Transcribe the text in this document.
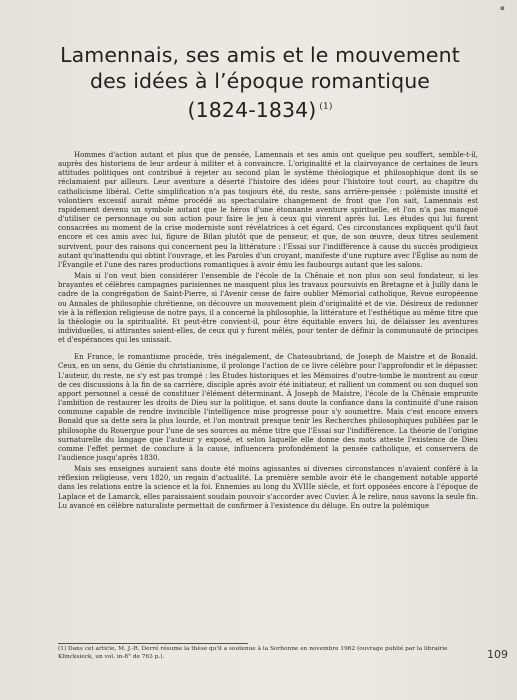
▪
Lamennais, ses amis et le mouvement
des idées à l’époque romantique
(1824-1834) $^{(1)}$

Hommes d'action autant et plus que de pensée, Lamennais et ses amis ont quelque peu souffert, semble-t-il, auprès des historiens de leur ardeur à militer et à convaincre. L'originalité et la clairvoyance de certaines de leurs attitudes politiques ont contribué à rejeter au second plan le système théologique et philosophique dont ils se réclamaient par ailleurs. Leur aventure a déserté l'histoire des idées pour l'histoire tout court, au chapitre du catholicisme libéral. Cette simplification n'a pas toujours été, du reste, sans arrière-pensée : polémiste inusité et volontiers excessif aurait même procédé au spectaculaire changement de front que l'on sait, Lamennais est rapidement devenu un symbole autant que le héros d'une étonnante aventure spirituelle, et l'on n'a pas manqué d'utiliser ce personnage ou son action pour faire le jeu à ceux qui vinrent après lui. Les études qui lui furent consacrées au moment de la crise moderniste sont révélatrices à cet égard. Ces circonstances expliquent qu'il faut encore et ces amis avec lui, figure de Bilan plutôt que de penseur, et que, de son œuvre, deux titres seulement survivent, pour des raisons qui concernent peu la littérature : l'Essai sur l'indifférence à cause du succès prodigieux autant qu'inattendu qui obtint l'ouvrage, et les Paroles d'un croyant, manifeste d'une rupture avec l'Église au nom de l'Évangile et l'une des rares productions romantiques à avoir ému les faubourgs autant que les salons.

Mais si l'on veut bien considérer l'ensemble de l'école de la Chênaie et non plus son seul fondateur, si les brayantes et célèbres campagnes parisiennes ne masquent plus les travaux poursuivis en Bretagne et à Juilly dans le cadre de la congrégation de Saint-Pierre, si l'Avenir cesse de faire oublier Mémorial catholique, Revue européenne ou Annales de philosophie chrétienne, on découvre un mouvement plein d'originalité et de vie. Désireux de redonner vie à la réflexion religieuse de notre pays, il a concerné la philosophie, la littérature et l'esthétique au même titre que la théologie ou la spiritualité. Et peut-être convient-il, pour être équitable envers lui, de délaisser les aventures individuelles, si attirantes soient-elles, de ceux qui y furent mêlés, pour tenter de définir la communauté de principes et d'espérances qui les unissait.

En France, le romantisme procède, très inégalement, de Chateaubriand, de Joseph de Maistre et de Bonald. Ceux, en un sens, du Génie du christianisme, il prolonge l'action de ce livre célèbre pour l'approfondir et le dépasser. L'auteur, du reste, ne s'y est pas trompé : les Études historiques et les Mémoires d'outre-tombe le montrent au cœur de ces discussions à la fin de sa carrière, disciple après avoir été initiateur, et rallient un comment ou son duquel son apport personnel a cessé de constituer l'élément déterminant. À Joseph de Maistre, l'école de la Chênaie emprunte l'ambition de restaurer les droits de Dieu sur la politique, et sans doute la confiance dans la continuité d'une raison commune capable de rendre invincible l'intelligence mise progresse pour s'y soumettre. Mais c'est encore envers Bonald que sa dette sera la plus lourde, et l'on montrait presque tenir les Recherches philosophiques publiées par le philosophe du Rouergue pour l'une de ses sources au même titre que l'Essai sur l'indifférence. La théorie de l'origine surnaturelle du langage que l'auteur y exposé, et selon laquelle elle donne des mots atteste l'existence de Dieu comme l'effet permet de conclure à la cause, influencera profondément la pensée catholique, et conservera de l'audience jusqu'après 1830.

Mais ses enseignes auraient sans doute été moins agissantes si diverses circonstances n'avaient conféré à la réflexion religieuse, vers 1820, un regain d'actualité. La première semble avoir été le changement notable apporté dans les relations entre la science et la foi. Ennemies au long du XVIIIe siècle, et fort opposées encore à l'époque de Laplace et de Lamarck, elles paraissaient soudain pouvoir s'accorder avec Cuvier. À le relire, nous savons la seule fin. Lu avancé en célèbre naturaliste permettait de confirmer à l'existence du déluge. En outre la polémique

(1) Dans cet article, M. J.-R. Derré résume la thèse qu'il a soutenue à la Sorbonne en novembre 1962 (ouvrage publié par la librairie Klincksieck, un vol. in-8° de 763 p.).	109
